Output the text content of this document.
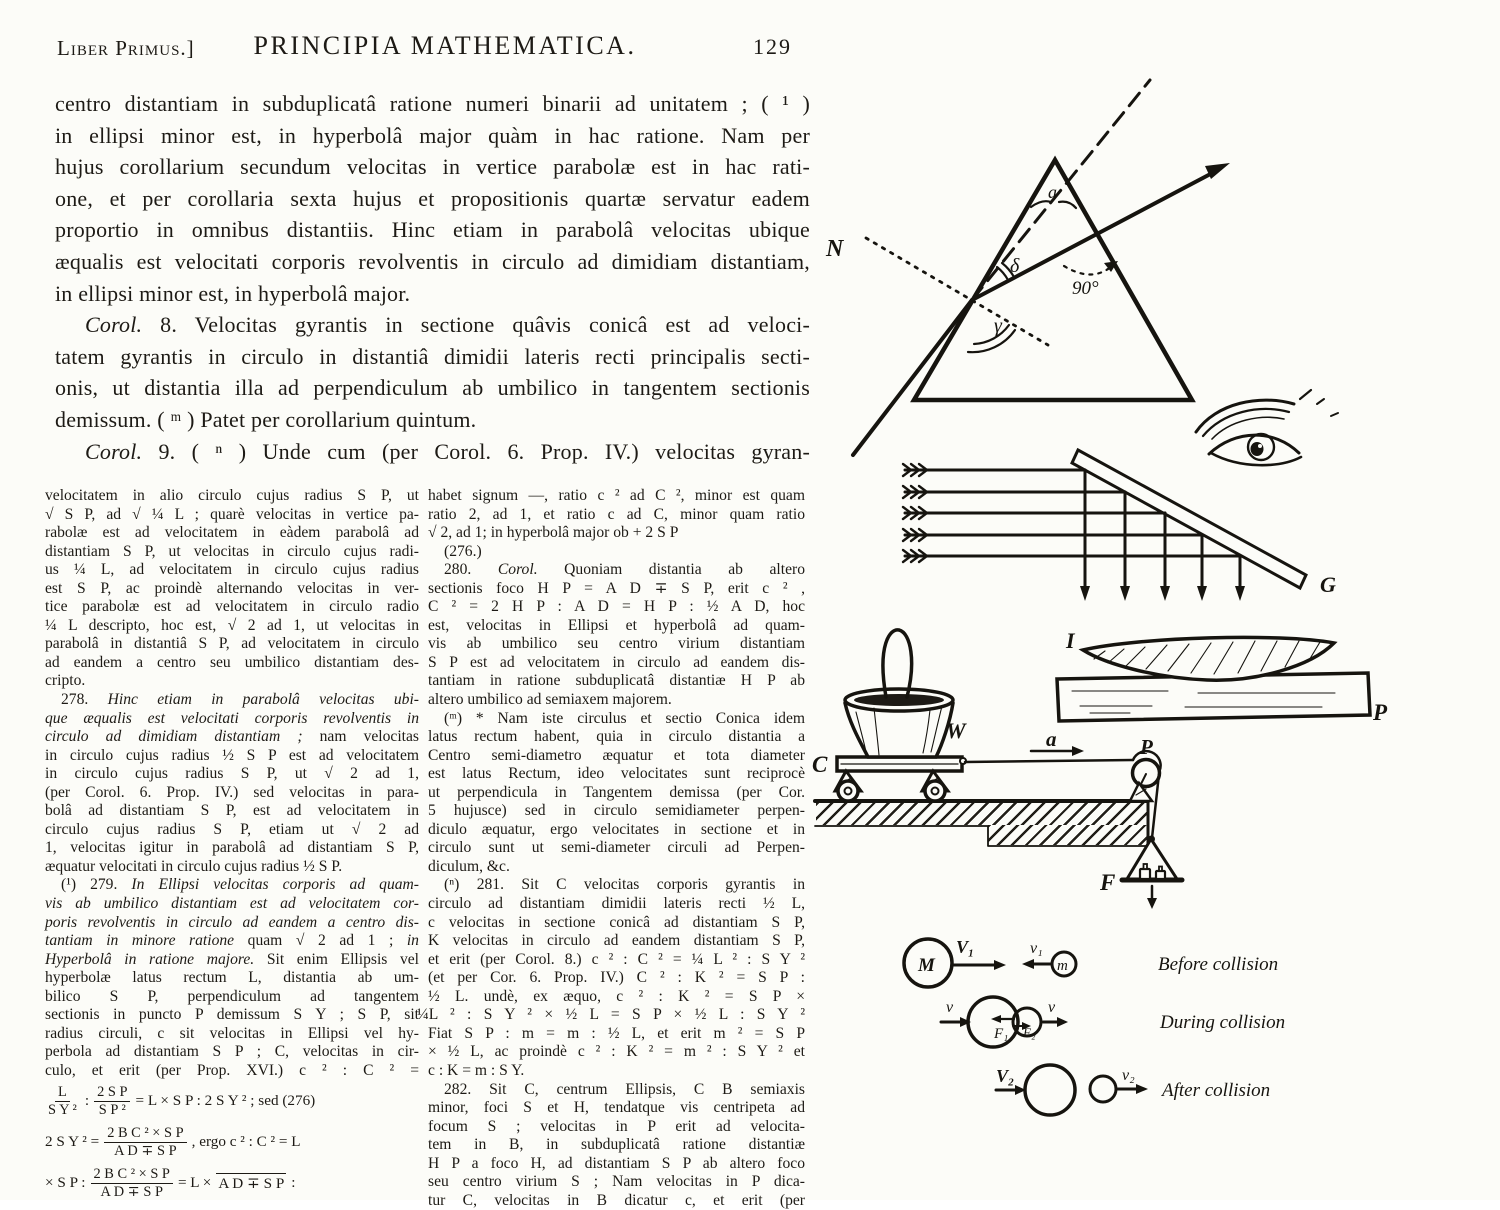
Liber Primus.]	PRINCIPIA MATHEMATICA.	129
centro distantiam in subduplicatâ ratione numeri binarii ad unitatem ; ( ¹ )
in ellipsi minor est, in hyperbolâ major quàm in hac ratione. Nam per
hujus corollarium secundum velocitas in vertice parabolæ est in hac rati-
one, et per corollaria sexta hujus et propositionis quartæ servatur eadem
proportio in omnibus distantiis. Hinc etiam in parabolâ velocitas ubique
æqualis est velocitati corporis revolventis in circulo ad dimidiam distantiam,
in ellipsi minor est, in hyperbolâ major.
Corol. 8. Velocitas gyrantis in sectione quâvis conicâ est ad veloci-
tatem gyrantis in circulo in distantiâ dimidii lateris recti principalis secti-
onis, ut distantia illa ad perpendiculum ab umbilico in tangentem sectionis
demissum. ( ᵐ ) Patet per corollarium quintum.
Corol. 9. ( ⁿ ) Unde cum (per Corol. 6. Prop. IV.) velocitas gyran-
velocitatem in alio circulo cujus radius S P, ut
√ S P, ad √ ¼ L ; quarè velocitas in vertice pa-
rabolæ est ad velocitatem in eàdem parabolâ ad
distantiam S P, ut velocitas in circulo cujus radi-
us ¼ L, ad velocitatem in circulo cujus radius
est S P, ac proindè alternando velocitas in ver-
tice parabolæ est ad velocitatem in circulo radio
¼ L descripto, hoc est, √ 2 ad 1, ut velocitas in
parabolâ in distantiâ S P, ad velocitatem in circulo
ad eandem a centro seu umbilico distantiam des-
cripto.
278. Hinc etiam in parabolâ velocitas ubi-
que æqualis est velocitati corporis revolventis in
circulo ad dimidiam distantiam ; nam velocitas
in circulo cujus radius ½ S P est ad velocitatem
in circulo cujus radius S P, ut √ 2 ad 1,
(per Corol. 6. Prop. IV.) sed velocitas in para-
bolâ ad distantiam S P, est ad velocitatem in
circulo cujus radius S P, etiam ut √ 2 ad
1, velocitas igitur in parabolâ ad distantiam S P,
æquatur velocitati in circulo cujus radius ½ S P.
(¹) 279. In Ellipsi velocitas corporis ad quam-
vis ab umbilico distantiam est ad velocitatem cor-
poris revolventis in circulo ad eandem a centro dis-
tantiam in minore ratione quam √ 2 ad 1 ; in
Hyperbolâ in ratione majore. Sit enim Ellipsis vel
hyperbolæ latus rectum L, distantia ab um-
bilico S P, perpendiculum ad tangentem
sectionis in puncto P demissum S Y ; S P, sit
radius circuli, c sit velocitas in Ellipsi vel hy-
perbola ad distantiam S P ; C, velocitas in cir-
culo, et erit (per Prop. XVI.) c ² : C ² =
$\frac{L}{\text{S Y ²}}$ : $\frac{\text{2 S P}}{\text{S P ²}} = L \times S$ P : 2 S Y ² ; sed (276)
2 S Y $^2 = \frac{\text{2 B C ² × S P}}{\text{A D ∓ S P}}$ , ergo c ² : C ² = L
× S P : $\frac{\text{2 B C ² × S P}}{\text{A D ∓ S P}} = L \times A$ D ∓ S P :
habet signum —, ratio c ² ad C ², minor est quam
ratio 2, ad 1, et ratio c ad C, minor quam ratio
√ 2, ad 1; in hyperbolâ major ob + 2 S P
(276.)
280. Corol. Quoniam distantia ab altero
sectionis foco H P = A D ∓ S P, erit c ² ,
C ² = 2 H P : A D = H P : ½ A D, hoc
est, velocitas in Ellipsi et hyperbolâ ad quam-
vis ab umbilico seu centro virium distantiam
S P est ad velocitatem in circulo ad eandem dis-
tantiam in ratione subduplicatâ distantiæ H P ab
altero umbilico ad semiaxem majorem.
(ᵐ) * Nam iste circulus et sectio Conica idem
latus rectum habent, quia in circulo distantia a
Centro semi-diametro æquatur et tota diameter
est latus Rectum, ideo velocitates sunt reciprocè
ut perpendicula in Tangentem demissa (per Cor.
5 hujusce) sed in circulo semidiameter perpen-
diculo æquatur, ergo velocitates in sectione et in
circulo sunt ut semi-diameter circuli ad Perpen-
diculum, &c.
(ⁿ) 281. Sit C velocitas corporis gyrantis in
circulo ad distantiam dimidii lateris recti ½ L,
c velocitas in sectione conicâ ad distantiam S P,
K velocitas in circulo ad eandem distantiam S P,
et erit (per Corol. 8.) c ² : C ² = ¼ L ² : S Y ²
(et per Cor. 6. Prop. IV.) C ² : K ² = S P :
½ L. undè, ex æquo, c ² : K ² = S P ×
¼L ² : S Y ² × ½ L = S P × ½ L : S Y ²
Fiat S P : m = m : ½ L, et erit m ² = S P
× ½ L, ac proindè c ² : K ² = m ² : S Y ² et
c : K = m : S Y.
282. Sit C, centrum Ellipsis, C B semiaxis
minor, foci S et H, tendatque vis centripeta ad
focum S ; velocitas in P erit ad velocita-
tem in B, in subduplicatâ ratione distantiæ
H P a foco H, ad distantiam S P ab altero foco
seu centro virium S ; Nam velocitas in P dica-
tur C, velocitas in B dicatur c, et erit (per
N
a
δ
γ
90°
G
I
P
C
W	a	P
F
M
V₁	v₁
m	Before collision
v
F₁ F₂
v
During collision
V₂	v₂
After collision
